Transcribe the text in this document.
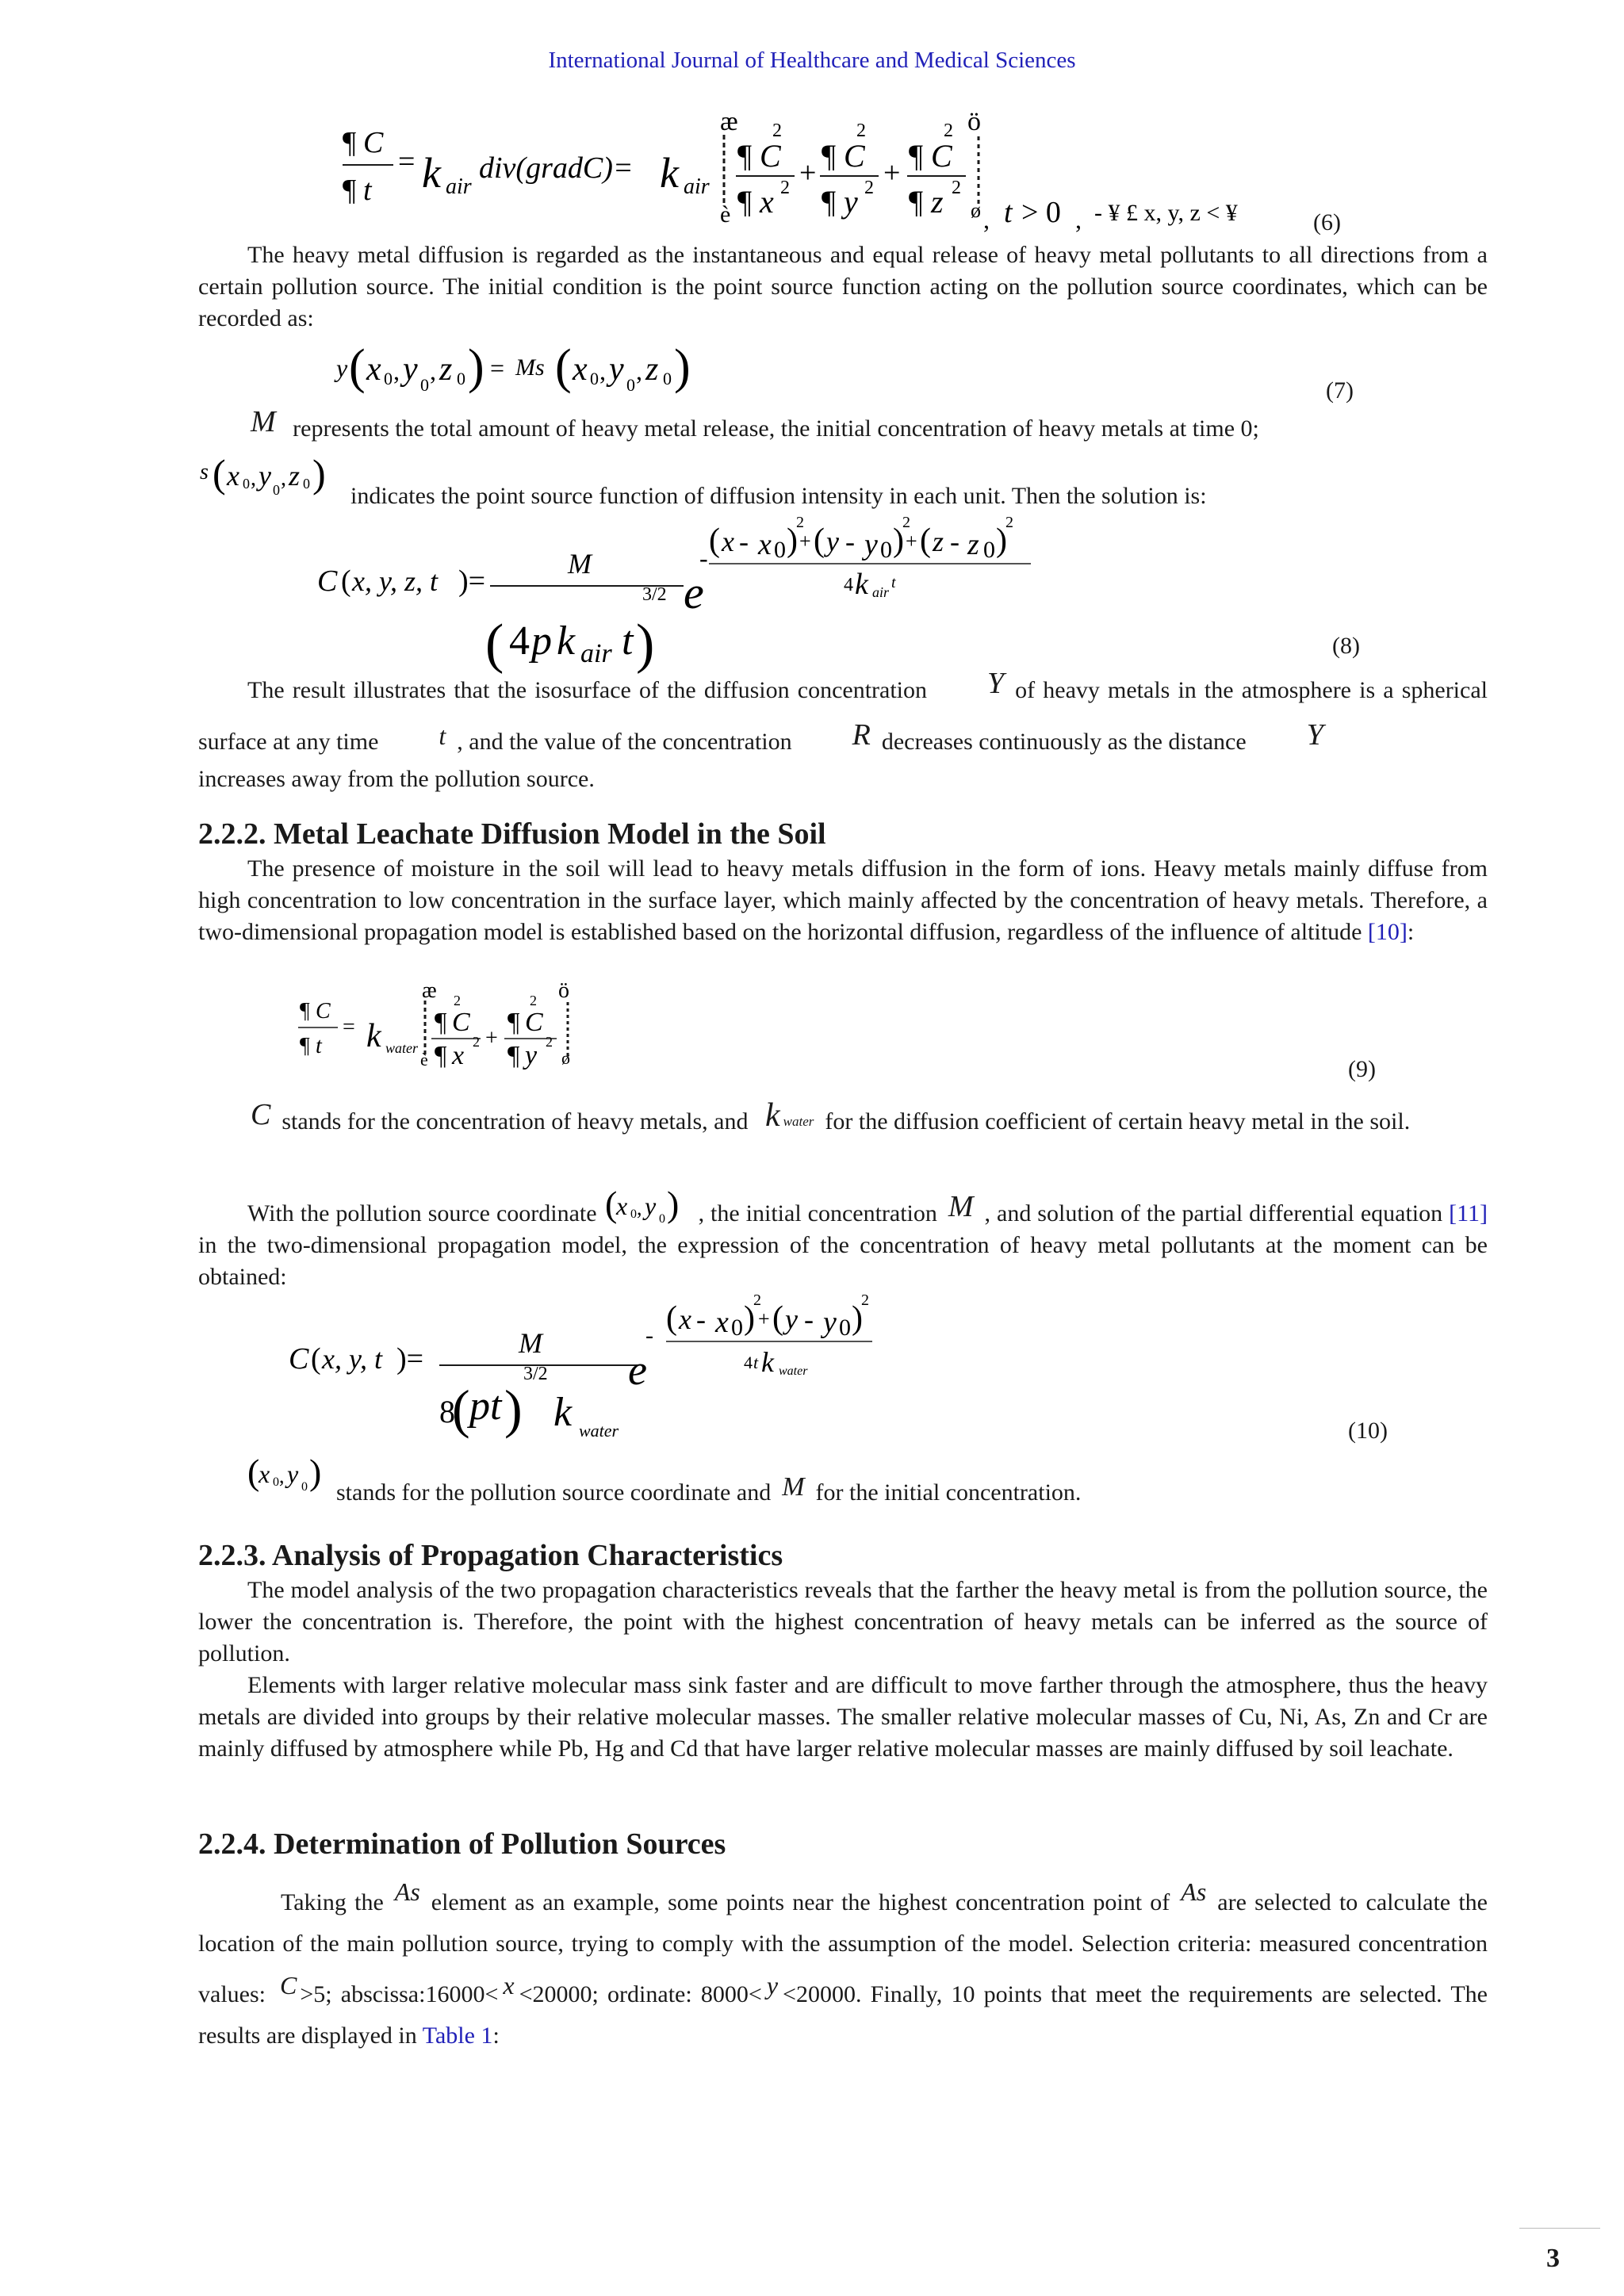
International Journal of Healthcare and Medical Sciences
¶ C
¶ t
= k air
div(gradC)= k air
æ
è
2
¶ C
¶ x 2 +
2
¶ C
¶ y 2 +
2
¶ C
¶ z 2
ö
ø , t > 0 , - ¥ £ x, y, z < ¥	(6)
The heavy metal diffusion is regarded as the instantaneous and equal release of heavy metal pollutants to all directions from a certain pollution source. The initial condition is the point source function acting on the pollution source coordinates, which can be recorded as:
y ( x 0 , y 0 , z 0 ) = Ms ( x 0 , y 0 , z 0 )	(7)
M represents the total amount of heavy metal release, the initial concentration of heavy metals at time 0;
s ( x 0 , y 0 , z 0 )
indicates the point source function of diffusion intensity in each unit. Then the solution is:
C ( x, y, z, t )=
M
( 4 p k air t )
3/2 e
- ( x - x 0 )
2
+ ( y - y 0 )
2
+ ( z - z 0 )
2
4 k air
t
(8)
The result illustrates that the isosurface of the diffusion concentration Y of heavy metals in the atmosphere is a spherical surface at any time t , and the value of the concentration R decreases continuously as the distance Y
increases away from the pollution source.
2.2.2. Metal Leachate Diffusion Model in the Soil
The presence of moisture in the soil will lead to heavy metals diffusion in the form of ions. Heavy metals mainly diffuse from high concentration to low concentration in the surface layer, which mainly affected by the concentration of heavy metals. Therefore, a two-dimensional propagation model is established based on the horizontal diffusion, regardless of the influence of altitude [10]:
¶ C
¶ t
= k water
æ
è
2
¶ C
¶ x 2 +
2
¶ C
¶ y 2
ö
ø	(9)
C stands for the concentration of heavy metals, and k water for the diffusion coefficient of certain heavy metal in the soil.
With the pollution source coordinate (
x 0 , y 0 ) , the initial concentration M , and solution of the partial differential equation [11] in the two-dimensional propagation model, the expression of the concentration of heavy metal pollutants at the moment can be obtained:
C ( x, y, t )=	M
8
( pt )
3/2
k water
e
- ( x - x 0 )
2
+ ( y - y 0 )
2
4 t k water
(10)
(
x 0 , y 0 )
stands for the pollution source coordinate and M for the initial concentration.
2.2.3. Analysis of Propagation Characteristics
The model analysis of the two propagation characteristics reveals that the farther the heavy metal is from the pollution source, the lower the concentration is. Therefore, the point with the highest concentration of heavy metals can be inferred as the source of pollution.
Elements with larger relative molecular mass sink faster and are difficult to move farther through the atmosphere, thus the heavy metals are divided into groups by their relative molecular masses. The smaller relative molecular masses of Cu, Ni, As, Zn and Cr are mainly diffused by atmosphere while Pb, Hg and Cd that have larger relative molecular masses are mainly diffused by soil leachate.
2.2.4. Determination of Pollution Sources
Taking the As element as an example, some points near the highest concentration point of As are selected to calculate the location of the main pollution source, trying to comply with the assumption of the model. Selection criteria: measured concentration values: C >5; abscissa:16000< x <20000; ordinate: 8000< y <20000. Finally, 10 points that meet the requirements are selected. The results are displayed in Table 1:
3
